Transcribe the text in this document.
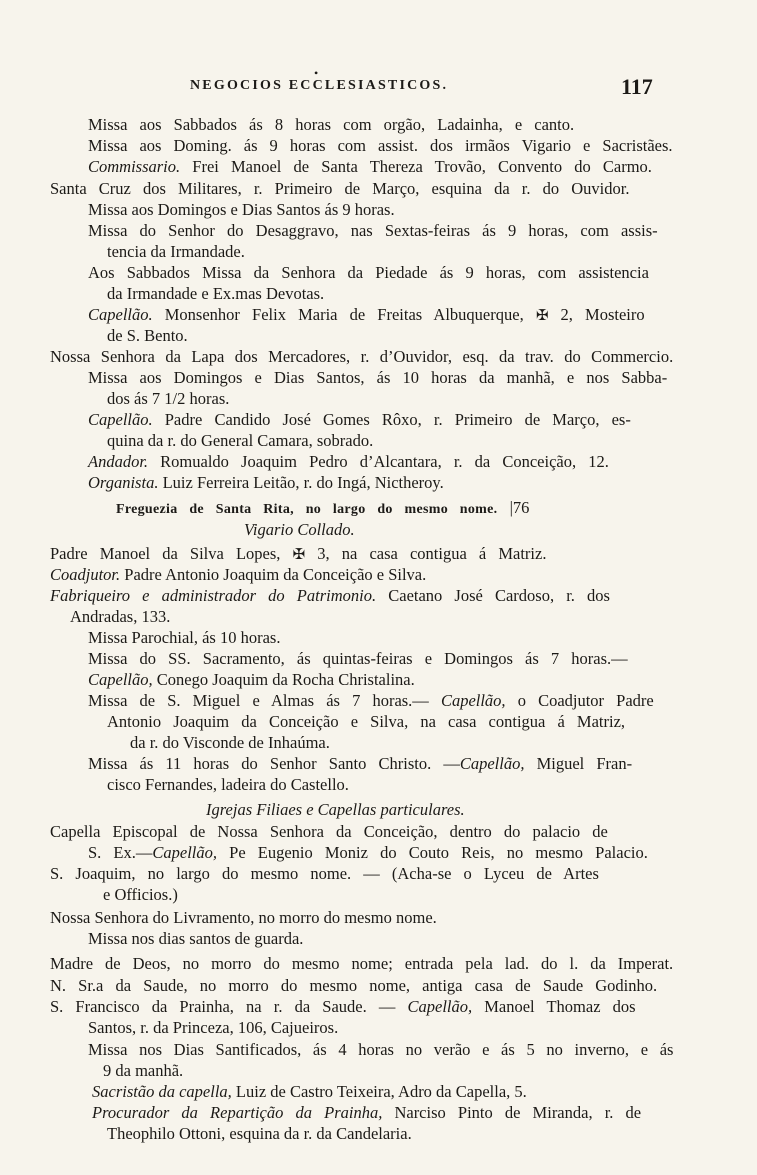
•
NEGOCIOS ECCLESIASTICOS.	117
Missa aos Sabbados ás 8 horas com orgão, Ladainha, e canto.
Missa aos Doming. ás 9 horas com assist. dos irmãos Vigario e Sacristães.
Commissario. Frei Manoel de Santa Thereza Trovão, Convento do Carmo.
Santa Cruz dos Militares, r. Primeiro de Março, esquina da r. do Ouvidor.
Missa aos Domingos e Dias Santos ás 9 horas.
Missa do Senhor do Desaggravo, nas Sextas-feiras ás 9 horas, com assis-
tencia da Irmandade.
Aos Sabbados Missa da Senhora da Piedade ás 9 horas, com assistencia
da Irmandade e Ex.mas Devotas.
Capellão. Monsenhor Felix Maria de Freitas Albuquerque, ✠ 2, Mosteiro
de S. Bento.
Nossa Senhora da Lapa dos Mercadores, r. d’Ouvidor, esq. da trav. do Commercio.
Missa aos Domingos e Dias Santos, ás 10 horas da manhã, e nos Sabba-
dos ás 7 1/2 horas.
Capellão. Padre Candido José Gomes Rôxo, r. Primeiro de Março, es-
quina da r. do General Camara, sobrado.
Andador. Romualdo Joaquim Pedro d’Alcantara, r. da Conceição, 12.
Organista. Luiz Ferreira Leitão, r. do Ingá, Nictheroy.
Freguezia de Santa Rita, no largo do mesmo nome. |76
Vigario Collado.
Padre Manoel da Silva Lopes, ✠ 3, na casa contigua á Matriz.
Coadjutor. Padre Antonio Joaquim da Conceição e Silva.
Fabriqueiro e administrador do Patrimonio. Caetano José Cardoso, r. dos
Andradas, 133.
Missa Parochial, ás 10 horas.
Missa do SS. Sacramento, ás quintas-feiras e Domingos ás 7 horas.—
Capellão, Conego Joaquim da Rocha Christalina.
Missa de S. Miguel e Almas ás 7 horas.— Capellão, o Coadjutor Padre
Antonio Joaquim da Conceição e Silva, na casa contigua á Matriz,
da r. do Visconde de Inhaúma.
Missa ás 11 horas do Senhor Santo Christo. —Capellão, Miguel Fran-
cisco Fernandes, ladeira do Castello.
Igrejas Filiaes e Capellas particulares.
Capella Episcopal de Nossa Senhora da Conceição, dentro do palacio de
S. Ex.—Capellão, Pe Eugenio Moniz do Couto Reis, no mesmo Palacio.
S. Joaquim, no largo do mesmo nome. — (Acha-se o Lyceu de Artes
e Officios.)
Nossa Senhora do Livramento, no morro do mesmo nome.
Missa nos dias santos de guarda.
Madre de Deos, no morro do mesmo nome; entrada pela lad. do l. da Imperat.
N. Sr.a da Saude, no morro do mesmo nome, antiga casa de Saude Godinho.
S. Francisco da Prainha, na r. da Saude. — Capellão, Manoel Thomaz dos
Santos, r. da Princeza, 106, Cajueiros.
Missa nos Dias Santificados, ás 4 horas no verão e ás 5 no inverno, e ás
9 da manhã.
Sacristão da capella, Luiz de Castro Teixeira, Adro da Capella, 5.
Procurador da Repartição da Prainha, Narciso Pinto de Miranda, r. de
Theophilo Ottoni, esquina da r. da Candelaria.
